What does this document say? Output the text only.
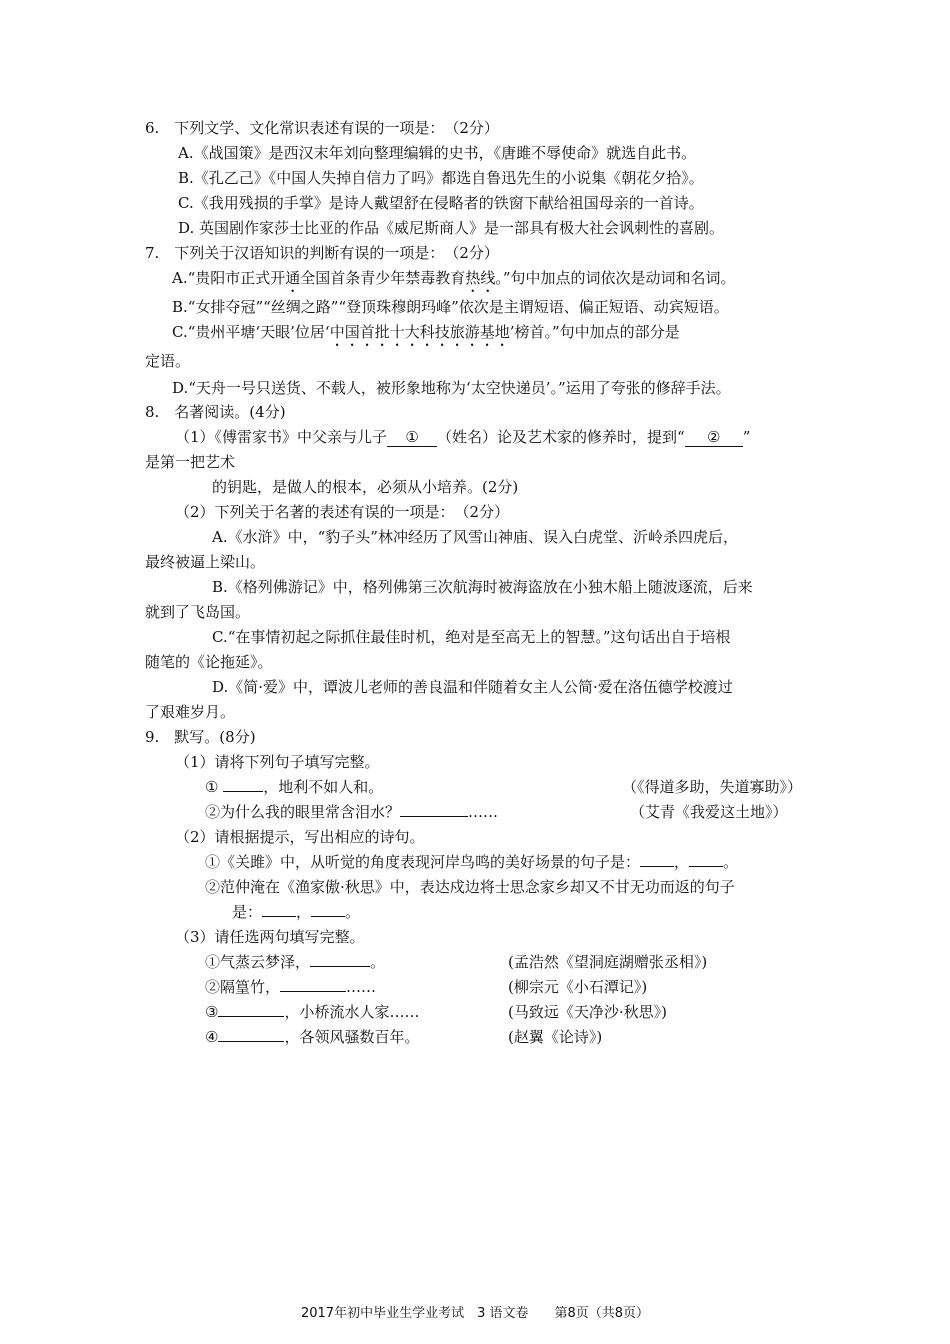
6.　下列文学、文化常识表述有误的一项是：　（2分）
A.《战国策》是西汉末年刘向整理编辑的史书，《唐雎不辱使命》就选自此书。
B.《孔乙己》《中国人失掉自信力了吗》都选自鲁迅先生的小说集《朝花夕拾》。
C.《我用残损的手掌》是诗人戴望舒在侵略者的铁窗下献给祖国母亲的一首诗。
D. 英国剧作家莎士比亚的作品《威尼斯商人》是一部具有极大社会讽刺性的喜剧。
7.　下列关于汉语知识的判断有误的一项是：　（2分）
A.“贵阳市正式开通全国首条青少年禁毒教育热线。”句中加点的词依次是动词和名词。
B.“女排夺冠”“丝绸之路”“登顶珠穆朗玛峰”依次是主谓短语、偏正短语、动宾短语。
C.“贵州平塘‘天眼’位居‘中国首批十大科技旅游基地’榜首。”句中加点的部分是
定语。
D.“天舟一号只送货、不载人，被形象地称为‘太空快递员’。”运用了夸张的修辞手法。
8.　名著阅读。(4分)
（1）《傅雷家书》中父亲与儿子 ① （姓名）论及艺术家的修养时，提到“ ② ”
是第一把艺术
的钥匙，是做人的根本，必须从小培养。(2分)
（2）下列关于名著的表述有误的一项是：　（2分）
A.《水浒》中，“豹子头”林冲经历了风雪山神庙、误入白虎堂、沂岭杀四虎后，
最终被逼上梁山。
B.《格列佛游记》中，格列佛第三次航海时被海盗放在小独木船上随波逐流，后来
就到了飞岛国。
C.“在事情初起之际抓住最佳时机，绝对是至高无上的智慧。”这句话出自于培根
随笔的《论拖延》。
D.《简·爱》中，谭波儿老师的善良温和伴随着女主人公简·爱在洛伍德学校渡过
了艰难岁月。
9.　默写。(8分)
（1）请将下列句子填写完整。
①	，地利不如人和。	（《得道多助，失道寡助》）
②为什么我的眼里常含泪水？	……	（艾青《我爱这土地》）
（2）请根据提示，写出相应的诗句。
①《关雎》中，从听觉的角度表现河岸鸟鸣的美好场景的句子是： ， 。
②范仲淹在《渔家傲·秋思》中，表达戍边将士思念家乡却又不甘无功而返的句子
是： ， 。
（3）请任选两句填写完整。
①气蒸云梦泽，	。	(孟浩然《望洞庭湖赠张丞相》)
②隔篁竹，	……	(柳宗元《小石潭记》)
③	，小桥流水人家……	(马致远《天净沙·秋思》)
④	，各领风骚数百年。	(赵翼《论诗》)
2017年初中毕业生学业考试　3 语文卷　　第8页（共8页）
